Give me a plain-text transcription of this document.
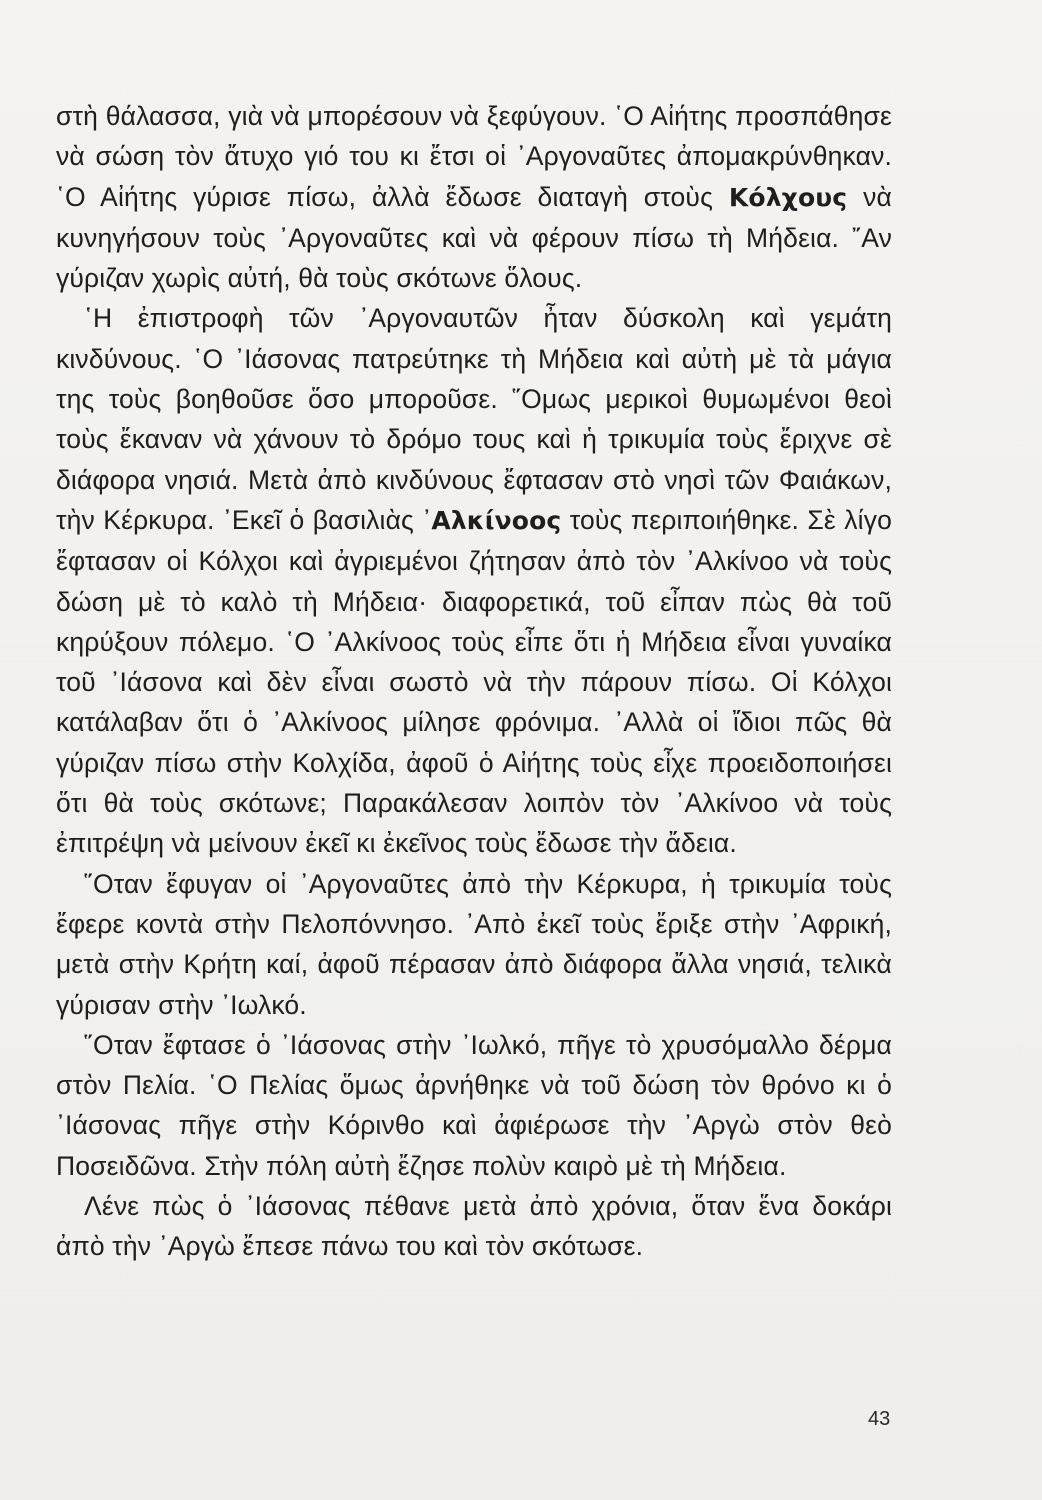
στὴ θάλασσα, γιὰ νὰ μπορέσουν νὰ ξεφύγουν. ῾Ο Αἰήτης προσπάθησε νὰ σώση τὸν ἄτυχο γιό του κι ἔτσι οἱ ᾿Αργοναῦτες ἀπομακρύνθηκαν. ῾Ο Αἰήτης γύρισε πίσω, ἀλλὰ ἔδωσε διαταγὴ στοὺς Κόλχους νὰ κυνηγήσουν τοὺς ᾿Αργοναῦτες καὶ νὰ φέρουν πίσω τὴ Μήδεια. ῎Αν γύριζαν χωρὶς αὐτή, θὰ τοὺς σκότωνε ὅλους.

῾Η ἐπιστροφὴ τῶν ᾿Αργοναυτῶν ἦταν δύσκολη καὶ γεμάτη κινδύνους. ῾Ο ᾿Ιάσονας πατρεύτηκε τὴ Μήδεια καὶ αὐτὴ μὲ τὰ μάγια της τοὺς βοηθοῦσε ὅσο μποροῦσε. ῞Ομως μερικοὶ θυμωμένοι θεοὶ τοὺς ἔκαναν νὰ χάνουν τὸ δρόμο τους καὶ ἡ τρικυμία τοὺς ἔριχνε σὲ διάφορα νησιά. Μετὰ ἀπὸ κινδύνους ἔφτασαν στὸ νησὶ τῶν Φαιάκων, τὴν Κέρκυρα. ᾿Εκεῖ ὁ βασιλιὰς ᾿Αλκίνοος τοὺς περιποιήθηκε. Σὲ λίγο ἔφτασαν οἱ Κόλχοι καὶ ἀγριεμένοι ζήτησαν ἀπὸ τὸν ᾿Αλκίνοο νὰ τοὺς δώση μὲ τὸ καλὸ τὴ Μήδεια· διαφορετικά, τοῦ εἶπαν πὼς θὰ τοῦ κηρύξουν πόλεμο. ῾Ο ᾿Αλκίνοος τοὺς εἶπε ὅτι ἡ Μήδεια εἶναι γυναίκα τοῦ ᾿Ιάσονα καὶ δὲν εἶναι σωστὸ νὰ τὴν πάρουν πίσω. Οἱ Κόλχοι κατάλαβαν ὅτι ὁ ᾿Αλκίνοος μίλησε φρόνιμα. ᾿Αλλὰ οἱ ἴδιοι πῶς θὰ γύριζαν πίσω στὴν Κολχίδα, ἀφοῦ ὁ Αἰήτης τοὺς εἶχε προειδοποιήσει ὅτι θὰ τοὺς σκότωνε; Παρακάλεσαν λοιπὸν τὸν ᾿Αλκίνοο νὰ τοὺς ἐπιτρέψη νὰ μείνουν ἐκεῖ κι ἐκεῖνος τοὺς ἔδωσε τὴν ἄδεια.

῞Οταν ἔφυγαν οἱ ᾿Αργοναῦτες ἀπὸ τὴν Κέρκυρα, ἡ τρικυμία τοὺς ἔφερε κοντὰ στὴν Πελοπόννησο. ᾿Απὸ ἐκεῖ τοὺς ἔριξε στὴν ᾿Αφρική, μετὰ στὴν Κρήτη καί, ἀφοῦ πέρασαν ἀπὸ διάφορα ἄλλα νησιά, τελικὰ γύρισαν στὴν ᾿Ιωλκό.

῞Οταν ἔφτασε ὁ ᾿Ιάσονας στὴν ᾿Ιωλκό, πῆγε τὸ χρυσόμαλλο δέρμα στὸν Πελία. ῾Ο Πελίας ὅμως ἀρνήθηκε νὰ τοῦ δώση τὸν θρόνο κι ὁ ᾿Ιάσονας πῆγε στὴν Κόρινθο καὶ ἀφιέρωσε τὴν ᾿Αργὼ στὸν θεὸ Ποσειδῶνα. Στὴν πόλη αὐτὴ ἔζησε πολὺν καιρὸ μὲ τὴ Μήδεια.

Λένε πὼς ὁ ᾿Ιάσονας πέθανε μετὰ ἀπὸ χρόνια, ὅταν ἕνα δοκάρι ἀπὸ τὴν ᾿Αργὼ ἔπεσε πάνω του καὶ τὸν σκότωσε.

43
